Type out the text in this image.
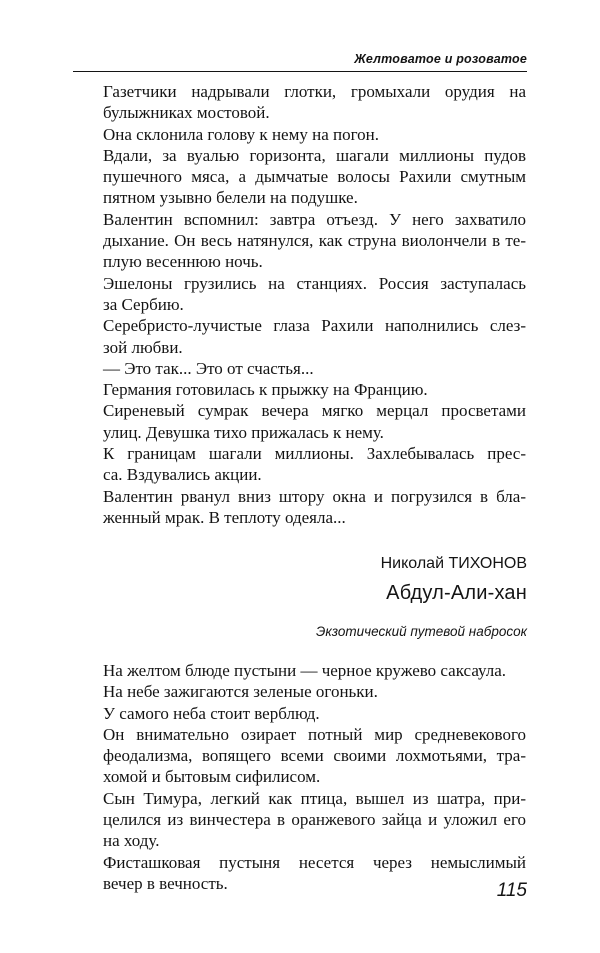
Желтоватое и розоватое

Газетчики надрывали глотки, громыхали орудия на
булыжниках мостовой.

Она склонила голову к нему на погон.

Вдали, за вуалью горизонта, шагали миллионы пудов
пушечного мяса, а дымчатые волосы Рахили смутным
пятном узывно белели на подушке.

Валентин вспомнил: завтра отъезд. У него захватило
дыхание. Он весь натянулся, как струна виолончели в те-
плую весеннюю ночь.

Эшелоны грузились на станциях. Россия заступалась
за Сербию.

Серебристо-лучистые глаза Рахили наполнились слез-
зой любви.

— Это так... Это от счастья...

Германия готовилась к прыжку на Францию.

Сиреневый сумрак вечера мягко мерцал просветами
улиц. Девушка тихо прижалась к нему.

К границам шагали миллионы. Захлебывалась прес-
са. Вздувались акции.

Валентин рванул вниз штору окна и погрузился в бла-
женный мрак. В теплоту одеяла...

Николай ТИХОНОВ
Абдул-Али-хан
Экзотический путевой набросок

На желтом блюде пустыни — черное кружево саксаула.

На небе зажигаются зеленые огоньки.

У самого неба стоит верблюд.

Он внимательно озирает потный мир средневекового
феодализма, вопящего всеми своими лохмотьями, тра-
хомой и бытовым сифилисом.

Сын Тимура, легкий как птица, вышел из шатра, при-
целился из винчестера в оранжевого зайца и уложил его
на ходу.

Фисташковая пустыня несется через немыслимый
вечер в вечность.	115
